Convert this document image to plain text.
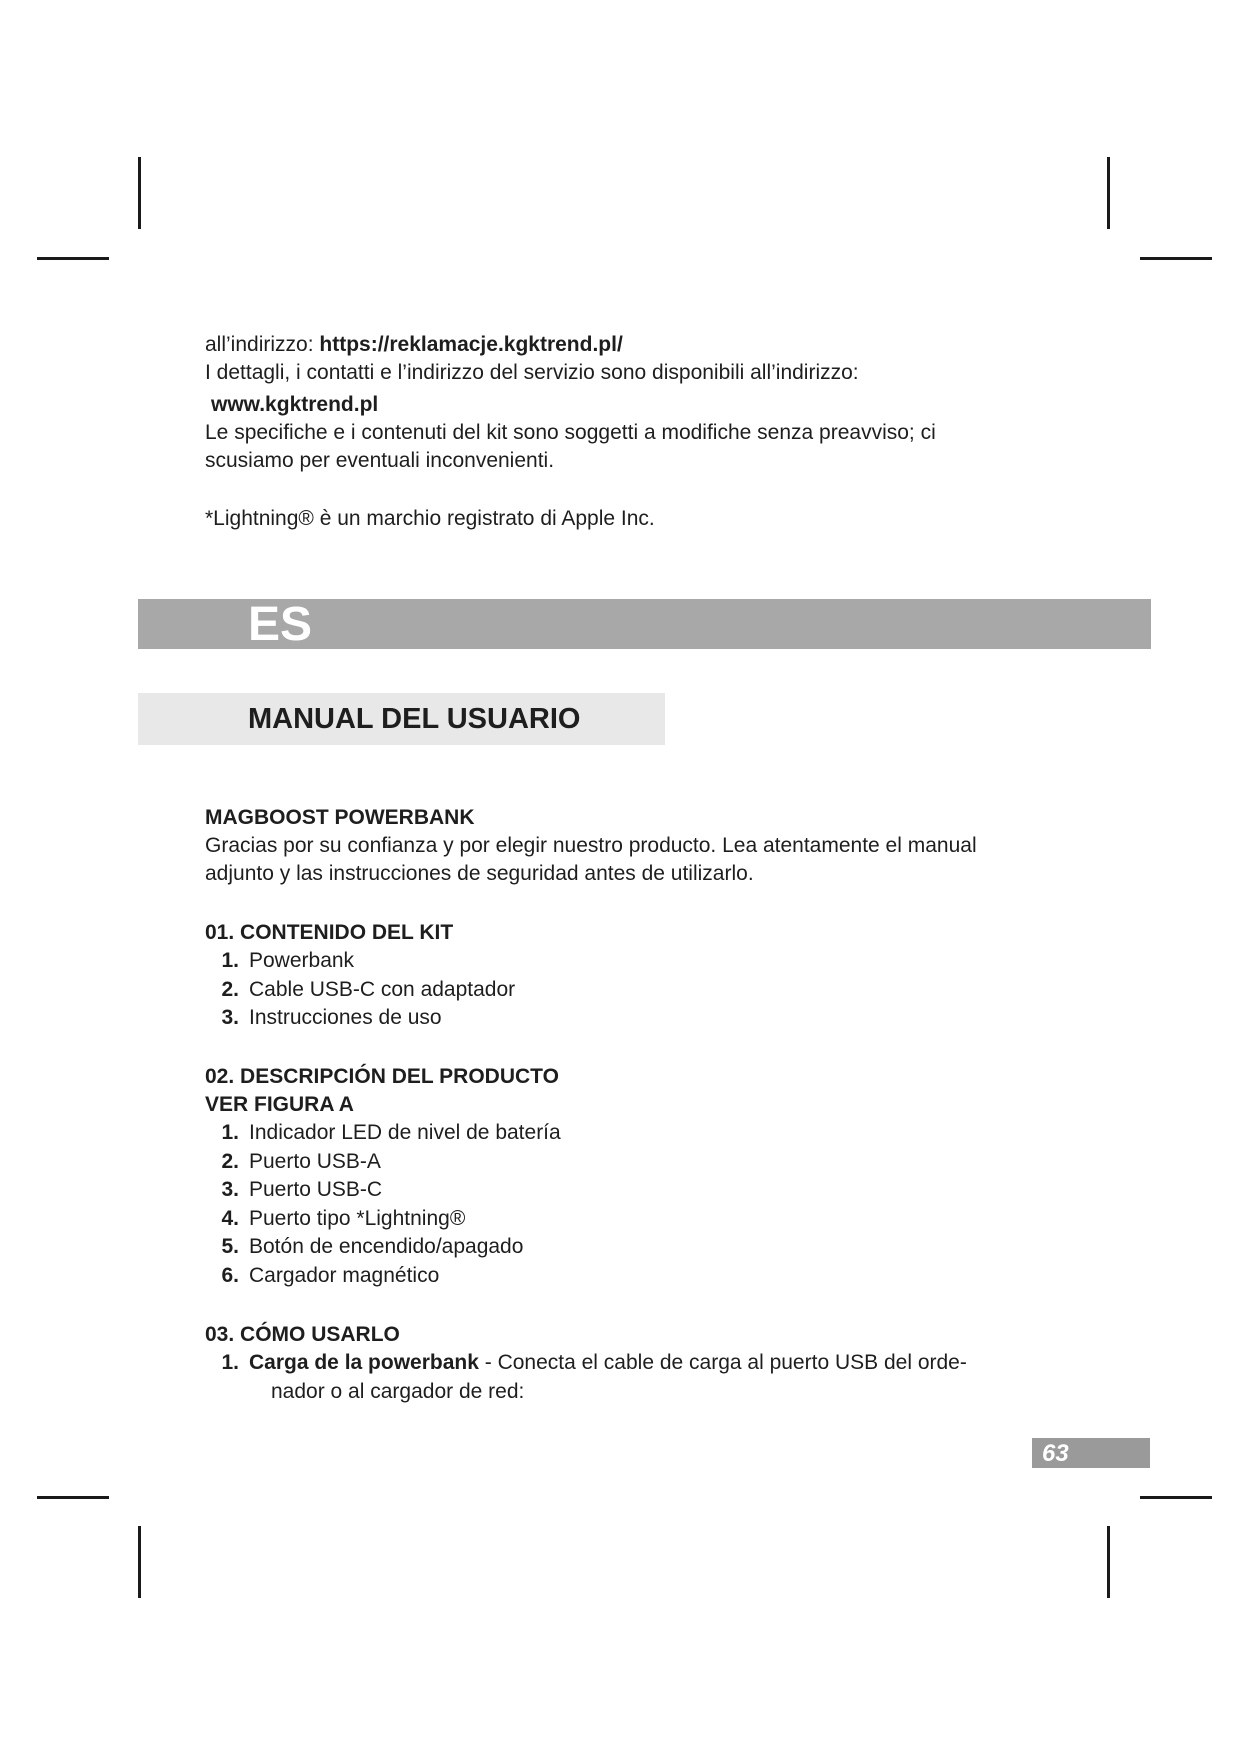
all’indirizzo: https://reklamacje.kgktrend.pl/
I dettagli, i contatti e l’indirizzo del servizio sono disponibili all’indirizzo:
www.kgktrend.pl
Le specifiche e i contenuti del kit sono soggetti a modifiche senza preavviso; ci
scusiamo per eventuali inconvenienti.
*Lightning® è un marchio registrato di Apple Inc.
ES
MANUAL DEL USUARIO
MAGBOOST POWERBANK
Gracias por su confianza y por elegir nuestro producto. Lea atentamente el manual
adjunto y las instrucciones de seguridad antes de utilizarlo.
01. CONTENIDO DEL KIT
1. Powerbank
2. Cable USB-C con adaptador
3. Instrucciones de uso
02. DESCRIPCIÓN DEL PRODUCTO
VER FIGURA A
1. Indicador LED de nivel de batería
2. Puerto USB-A
3. Puerto USB-C
4. Puerto tipo *Lightning®
5. Botón de encendido/apagado
6. Cargador magnético
03. CÓMO USARLO
1. Carga de la powerbank - Conecta el cable de carga al puerto USB del orde-
nador o al cargador de red:
63
